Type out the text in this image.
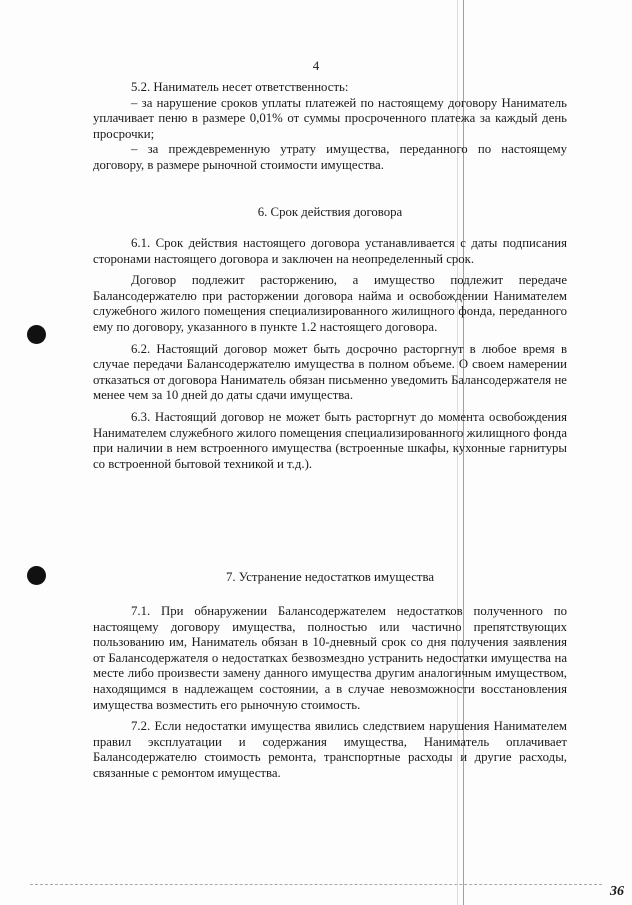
4

5.2. Наниматель несет ответственность:

– за нарушение сроков уплаты платежей по настоящему договору Наниматель уплачивает пеню в размере 0,01% от суммы просроченного платежа за каждый день просрочки;

– за преждевременную утрату имущества, переданного по настоящему договору, в размере рыночной стоимости имущества.

6. Срок действия договора

6.1. Срок действия настоящего договора устанавливается с даты подписания сторонами настоящего договора и заключен на неопределенный срок.

Договор подлежит расторжению, а имущество подлежит передаче Балансодержателю при расторжении договора найма и освобождении Нанимателем служебного жилого помещения специализированного жилищного фонда, переданного ему по договору, указанного в пункте 1.2 настоящего договора.

6.2. Настоящий договор может быть досрочно расторгнут в любое время в случае передачи Балансодержателю имущества в полном объеме. О своем намерении отказаться от договора Наниматель обязан письменно уведомить Балансодержателя не менее чем за 10 дней до даты сдачи имущества.

6.3. Настоящий договор не может быть расторгнут до момента освобождения Нанимателем служебного жилого помещения специализированного жилищного фонда при наличии в нем встроенного имущества (встроенные шкафы, кухонные гарнитуры со встроенной бытовой техникой и т.д.).

7. Устранение недостатков имущества

7.1. При обнаружении Балансодержателем недостатков полученного по настоящему договору имущества, полностью или частично препятствующих пользованию им, Наниматель обязан в 10-дневный срок со дня получения заявления от Балансодержателя о недостатках безвозмездно устранить недостатки имущества на месте либо произвести замену данного имущества другим аналогичным имуществом, находящимся в надлежащем состоянии, а в случае невозможности восстановления имущества возместить его рыночную стоимость.

7.2. Если недостатки имущества явились следствием нарушения Нанимателем правил эксплуатации и содержания имущества, Наниматель оплачивает Балансодержателю стоимость ремонта, транспортные расходы и другие расходы, связанные с ремонтом имущества.

36
